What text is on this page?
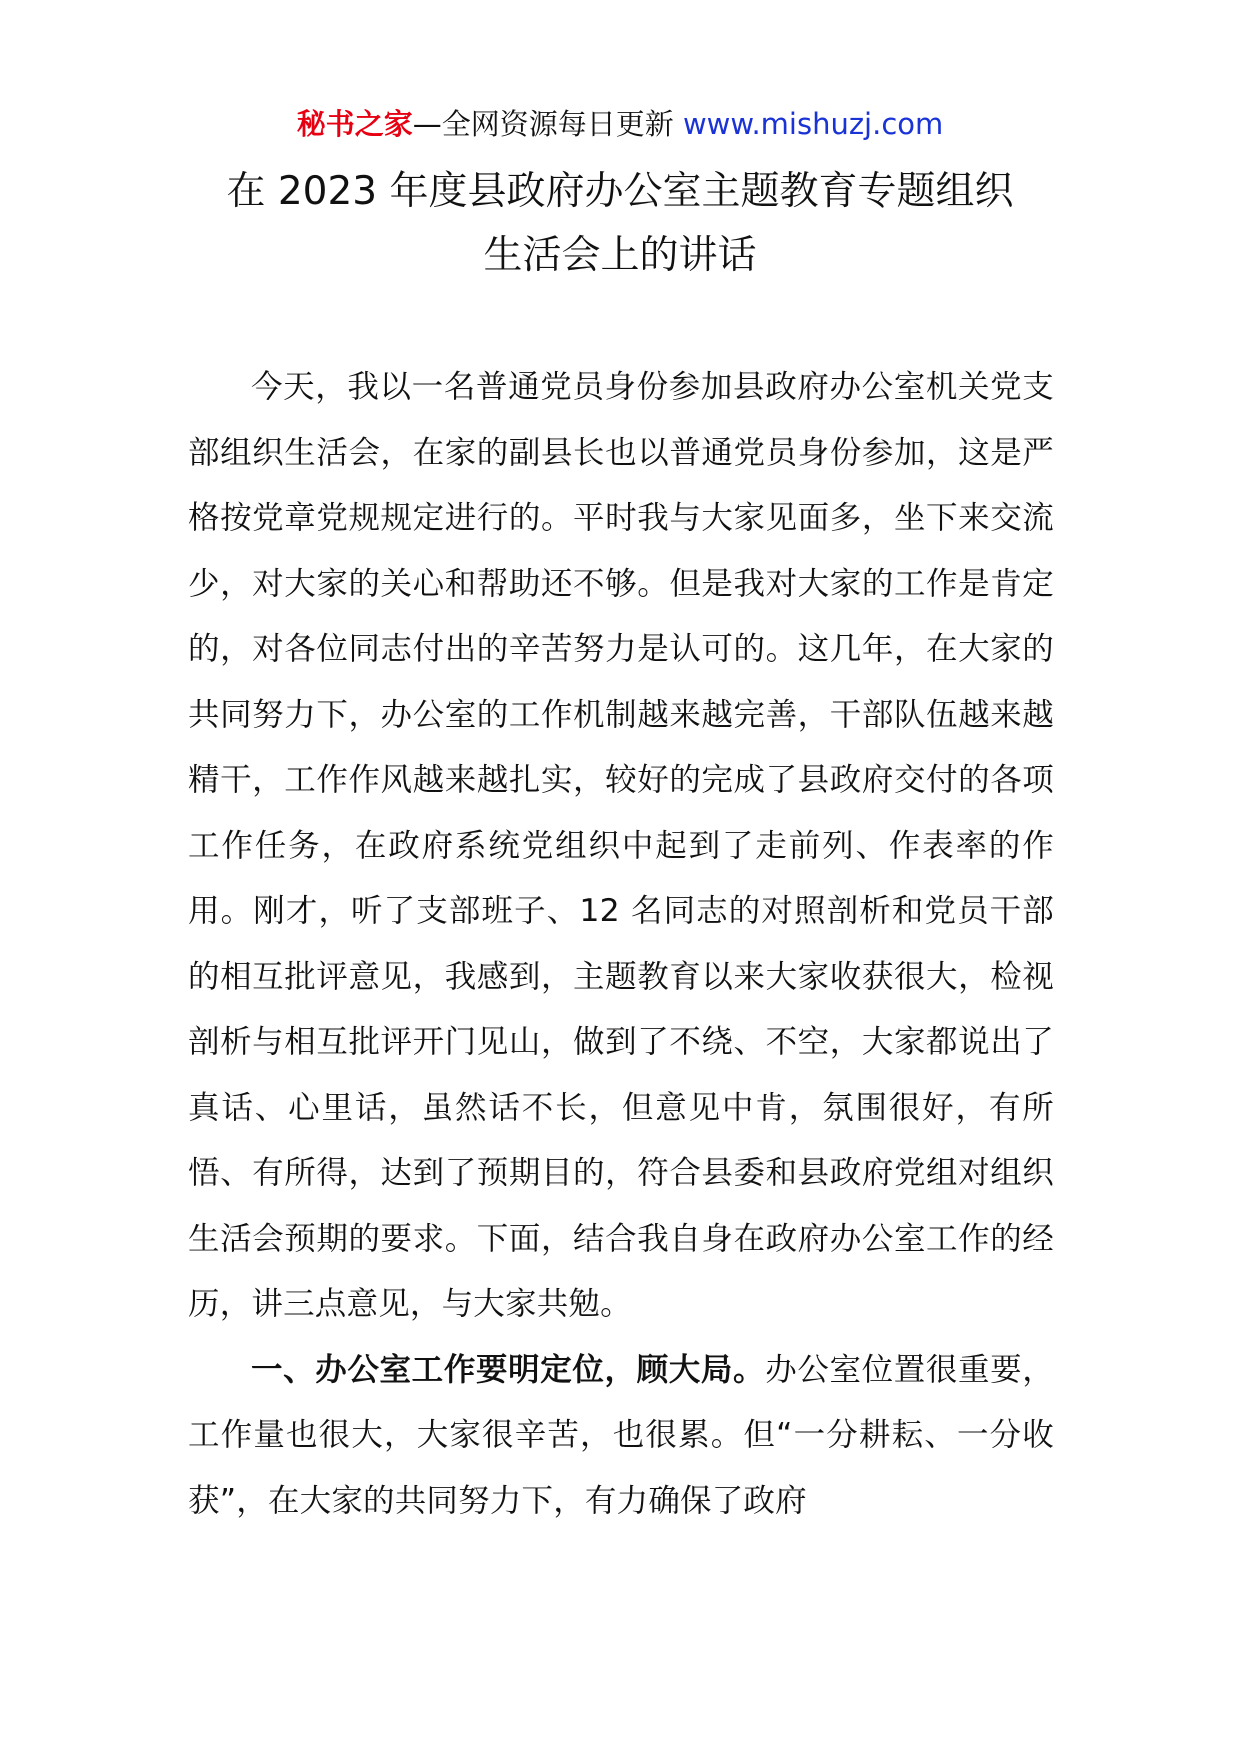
秘书之家—全网资源每日更新 www.mishuzj.com
在 2023 年度县政府办公室主题教育专题组织
生活会上的讲话

今天，我以一名普通党员身份参加县政府办公室机关党支部组织生活会，在家的副县长也以普通党员身份参加，这是严格按党章党规规定进行的。平时我与大家见面多，坐下来交流少，对大家的关心和帮助还不够。但是我对大家的工作是肯定的，对各位同志付出的辛苦努力是认可的。这几年，在大家的共同努力下，办公室的工作机制越来越完善，干部队伍越来越精干，工作作风越来越扎实，较好的完成了县政府交付的各项工作任务，在政府系统党组织中起到了走前列、作表率的作用。刚才，听了支部班子、12 名同志的对照剖析和党员干部的相互批评意见，我感到，主题教育以来大家收获很大，检视剖析与相互批评开门见山，做到了不绕、不空，大家都说出了真话、心里话，虽然话不长，但意见中肯，氛围很好，有所悟、有所得，达到了预期目的，符合县委和县政府党组对组织生活会预期的要求。下面，结合我自身在政府办公室工作的经历，讲三点意见，与大家共勉。

一、办公室工作要明定位，顾大局。办公室位置很重要，工作量也很大，大家很辛苦，也很累。但“一分耕耘、一分收获”，在大家的共同努力下，有力确保了政府
